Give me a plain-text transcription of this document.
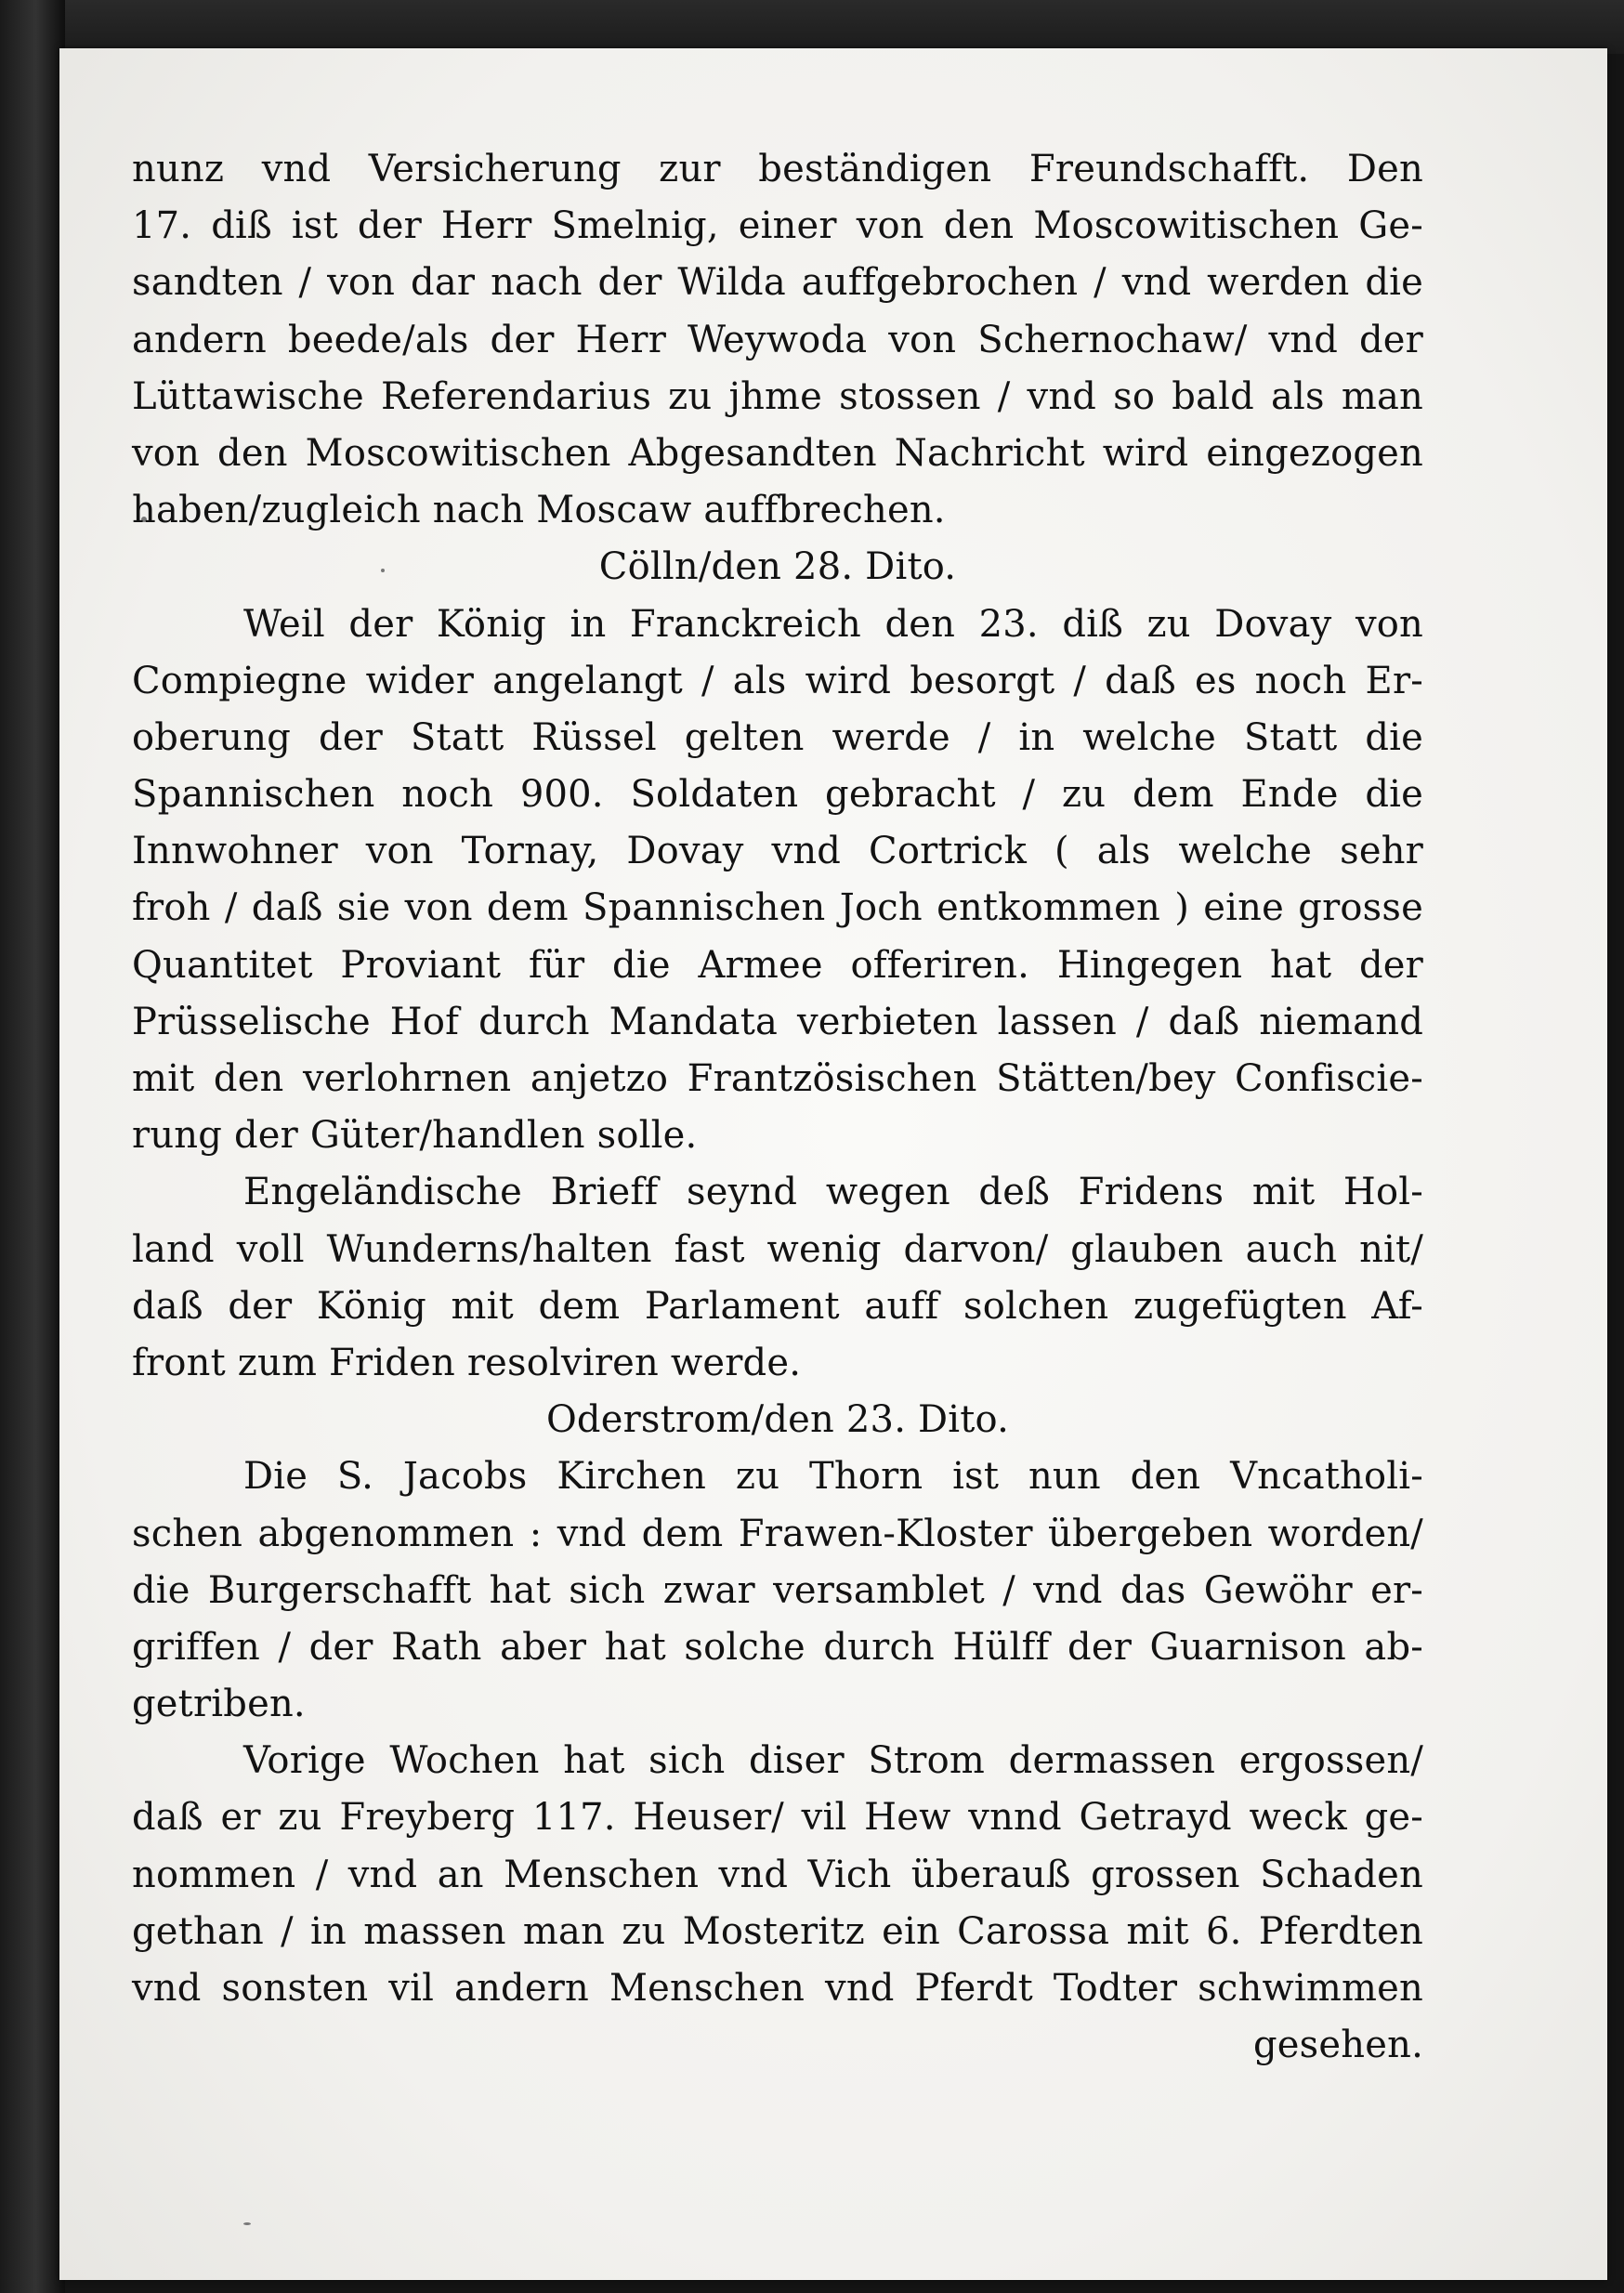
nunz vnd Versicherung zur beständigen Freundschafft. Den
17. diß ist der Herr Smelnig, einer von den Moscowitischen Ge-
sandten / von dar nach der Wilda auffgebrochen / vnd werden die
andern beede/als der Herr Weywoda von Schernochaw/ vnd der
Lüttawische Referendarius zu jhme stossen / vnd so bald als man
von den Moscowitischen Abgesandten Nachricht wird eingezogen
haben/zugleich nach Moscaw auffbrechen.
Cölln/den 28. Dito.
Weil der König in Franckreich den 23. diß zu Dovay von
Compiegne wider angelangt / als wird besorgt / daß es noch Er-
oberung der Statt Rüssel gelten werde / in welche Statt die
Spannischen noch 900. Soldaten gebracht / zu dem Ende die
Innwohner von Tornay, Dovay vnd Cortrick ( als welche sehr
froh / daß sie von dem Spannischen Joch entkommen ) eine grosse
Quantitet Proviant für die Armee offeriren. Hingegen hat der
Prüsselische Hof durch Mandata verbieten lassen / daß niemand
mit den verlohrnen anjetzo Frantzösischen Stätten/bey Confiscie-
rung der Güter/handlen solle.
Engeländische Brieff seynd wegen deß Fridens mit Hol-
land voll Wunderns/halten fast wenig darvon/ glauben auch nit/
daß der König mit dem Parlament auff solchen zugefügten Af-
front zum Friden resolviren werde.
Oderstrom/den 23. Dito.
Die S. Jacobs Kirchen zu Thorn ist nun den Vncatholi-
schen abgenommen : vnd dem Frawen-Kloster übergeben worden/
die Burgerschafft hat sich zwar versamblet / vnd das Gewöhr er-
griffen / der Rath aber hat solche durch Hülff der Guarnison ab-
getriben.
Vorige Wochen hat sich diser Strom dermassen ergossen/
daß er zu Freyberg 117. Heuser/ vil Hew vnnd Getrayd weck ge-
nommen / vnd an Menschen vnd Vich überauß grossen Schaden
gethan / in massen man zu Mosteritz ein Carossa mit 6. Pferdten
vnd sonsten vil andern Menschen vnd Pferdt Todter schwimmen
gesehen.
